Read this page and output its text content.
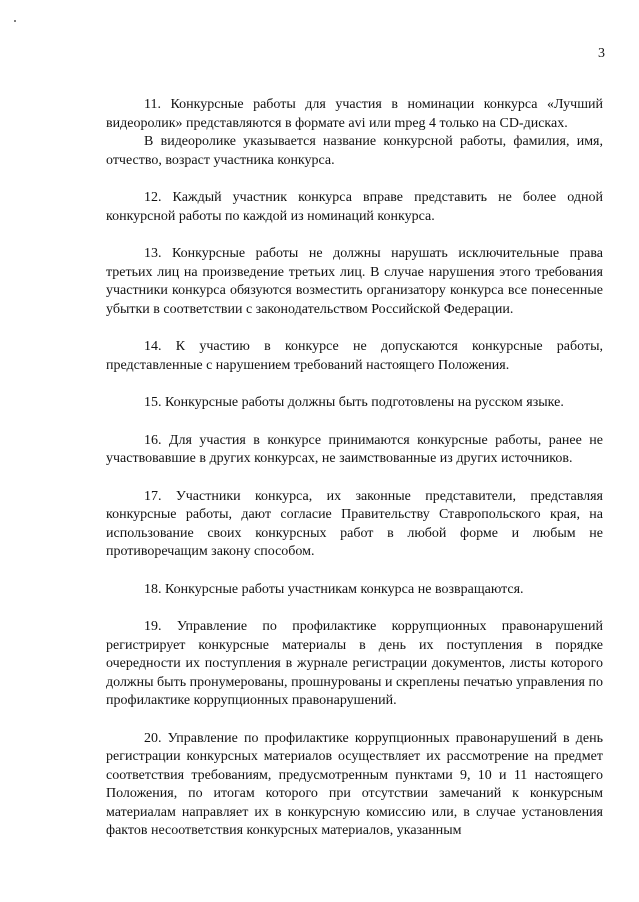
3

11. Конкурсные работы для участия в номинации конкурса «Лучший видеоролик» представляются в формате avi или mpeg 4 только на CD-дисках.

В видеоролике указывается название конкурсной работы, фамилия, имя, отчество, возраст участника конкурса.

12. Каждый участник конкурса вправе представить не более одной конкурсной работы по каждой из номинаций конкурса.

13. Конкурсные работы не должны нарушать исключительные права третьих лиц на произведение третьих лиц. В случае нарушения этого требования участники конкурса обязуются возместить организатору конкурса все понесенные убытки в соответствии с законодательством Российской Федерации.

14. К участию в конкурсе не допускаются конкурсные работы, представленные с нарушением требований настоящего Положения.

15. Конкурсные работы должны быть подготовлены на русском языке.

16. Для участия в конкурсе принимаются конкурсные работы, ранее не участвовавшие в других конкурсах, не заимствованные из других источников.

17. Участники конкурса, их законные представители, представляя конкурсные работы, дают согласие Правительству Ставропольского края, на использование своих конкурсных работ в любой форме и любым не противоречащим закону способом.

18. Конкурсные работы участникам конкурса не возвращаются.

19. Управление по профилактике коррупционных правонарушений регистрирует конкурсные материалы в день их поступления в порядке очередности их поступления в журнале регистрации документов, листы которого должны быть пронумерованы, прошнурованы и скреплены печатью управления по профилактике коррупционных правонарушений.

20. Управление по профилактике коррупционных правонарушений в день регистрации конкурсных материалов осуществляет их рассмотрение на предмет соответствия требованиям, предусмотренным пунктами 9, 10 и 11 настоящего Положения, по итогам которого при отсутствии замечаний к конкурсным материалам направляет их в конкурсную комиссию или, в случае установления фактов несоответствия конкурсных материалов, указанным
